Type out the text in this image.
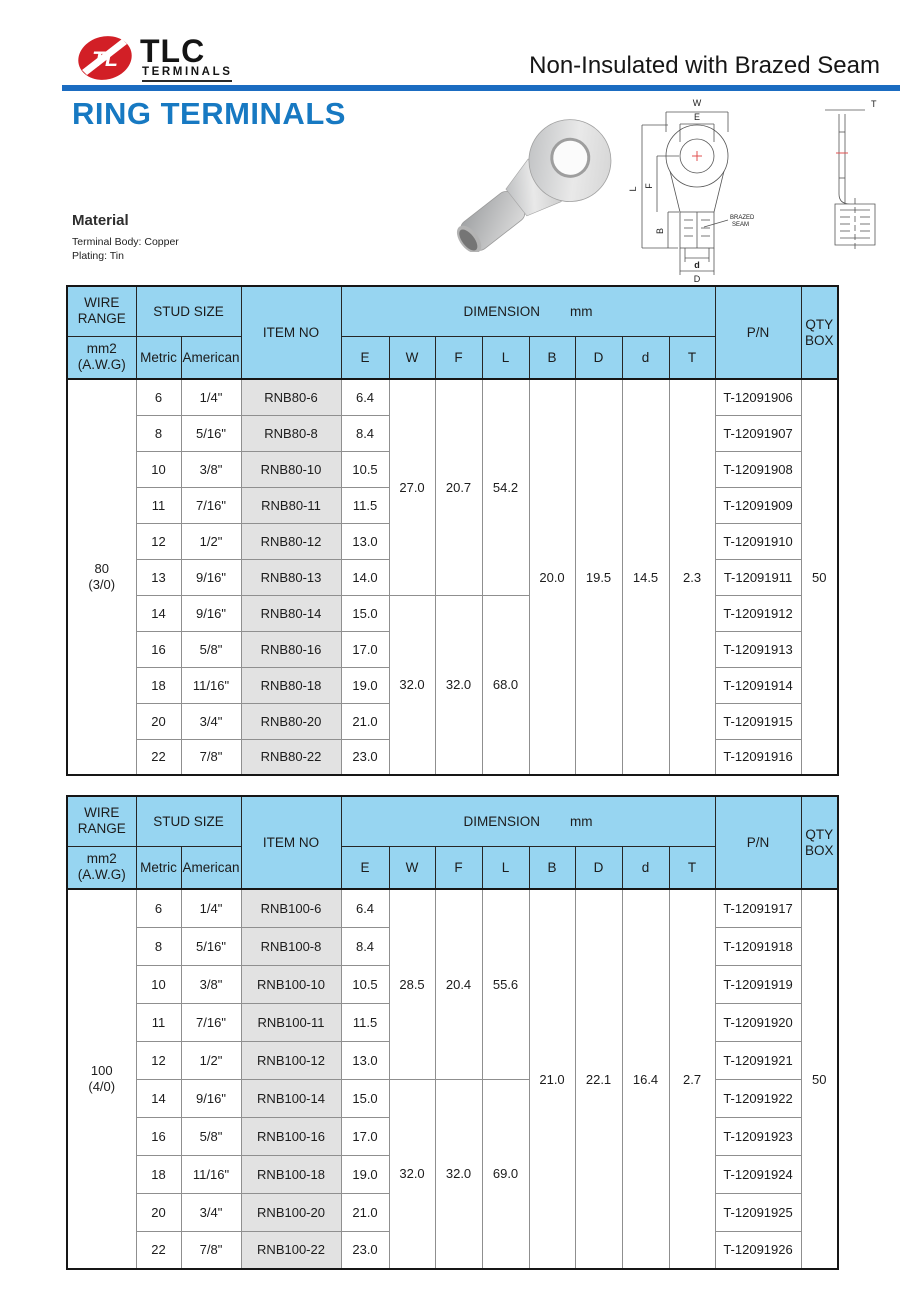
TL TLC
TERMINALS	Non-Insulated with Brazed Seam
RING TERMINALS	W
E
L
F
B
d
D
T
BRAZED
SEAM
Material
Terminal Body: Copper
Plating: Tin
WIRE
RANGE	STUD SIZE	ITEM NO	
DIMENSION mm
	P/N	
QTY
BOX

mm2
(A.W.G)	Metric	American		E	W	F	L	B	D	d	T		

80
(3/0)	6	1/4"	RNB80-6	6.4	27.0	20.7	54.2	20.0	19.5	14.5	2.3	T-12091906	50
	8	5/16"	RNB80-8	8.4								T-12091907	
	10	3/8"	RNB80-10	10.5								T-12091908	
	11	7/16"	RNB80-11	11.5								T-12091909	
	12	1/2"	RNB80-12	13.0								T-12091910	
	13	9/16"	RNB80-13	14.0								T-12091911	
	14	9/16"	RNB80-14	15.0	32.0	32.0	68.0					T-12091912	
	16	5/8"	RNB80-16	17.0								T-12091913	
	18	11/16"	RNB80-18	19.0								T-12091914	
	20	3/4"	RNB80-20	21.0								T-12091915	
	22	7/8"	RNB80-22	23.0								T-12091916	
WIRE
RANGE	STUD SIZE	ITEM NO	
DIMENSION mm
	P/N	
QTY
BOX

mm2
(A.W.G)	Metric	American		E	W	F	L	B	D	d	T		

100
(4/0)	6	1/4"	RNB100-6	6.4	28.5	20.4	55.6	21.0	22.1	16.4	2.7	T-12091917	50
	8	5/16"	RNB100-8	8.4								T-12091918	
	10	3/8"	RNB100-10	10.5								T-12091919	
	11	7/16"	RNB100-11	11.5								T-12091920	
	12	1/2"	RNB100-12	13.0								T-12091921	
	14	9/16"	RNB100-14	15.0	32.0	32.0	69.0					T-12091922	
	16	5/8"	RNB100-16	17.0								T-12091923	
	18	11/16"	RNB100-18	19.0								T-12091924	
	20	3/4"	RNB100-20	21.0								T-12091925	
	22	7/8"	RNB100-22	23.0								T-12091926	
